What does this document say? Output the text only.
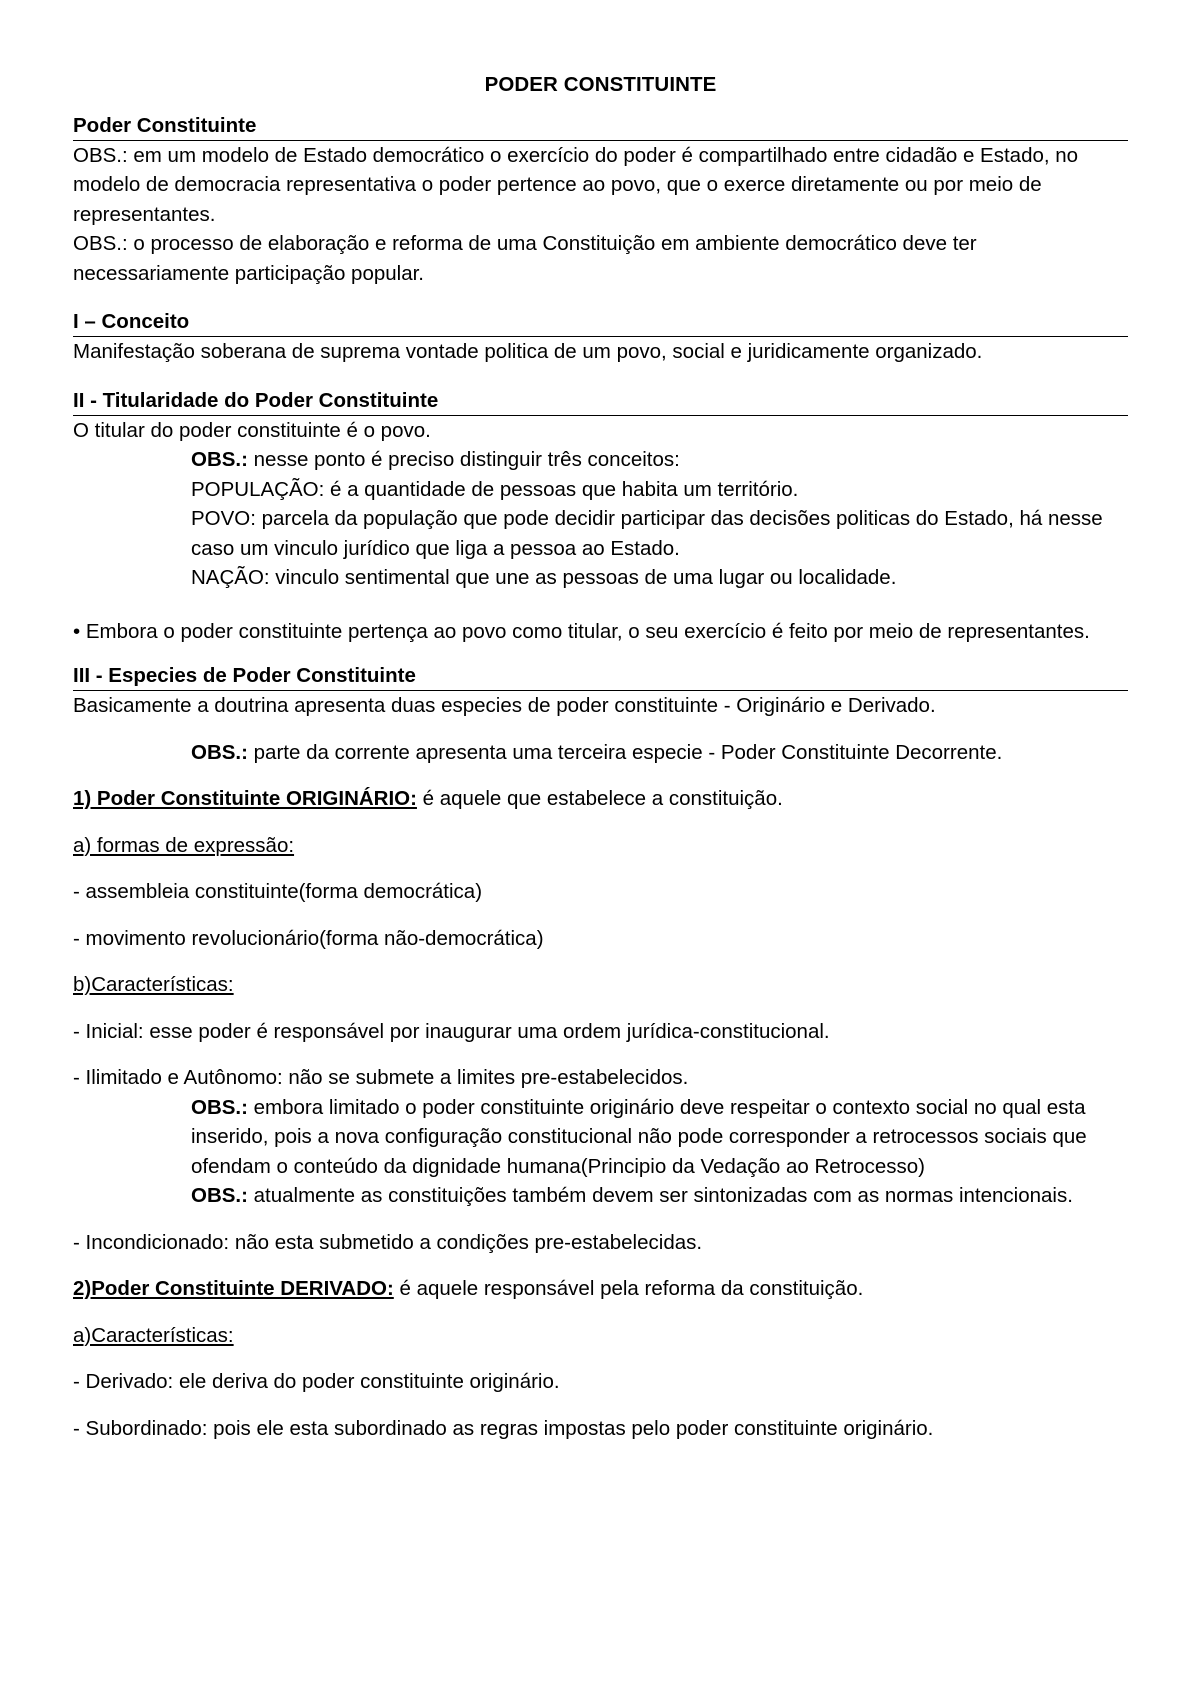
PODER CONSTITUINTE
Poder Constituinte

OBS.: em um modelo de Estado democrático o exercício do poder é compartilhado entre cidadão e Estado, no modelo de democracia representativa o poder pertence ao povo, que o exerce diretamente ou por meio de representantes.

OBS.: o processo de elaboração e reforma de uma Constituição em ambiente democrático deve ter necessariamente participação popular.

I – Conceito

Manifestação soberana de suprema vontade politica de um povo, social e juridicamente organizado.

II - Titularidade do Poder Constituinte

O titular do poder constituinte é o povo.

OBS.: nesse ponto é preciso distinguir três conceitos:

POPULAÇÃO: é a quantidade de pessoas que habita um território.

POVO: parcela da população que pode decidir participar das decisões politicas do Estado, há nesse caso um vinculo jurídico que liga a pessoa ao Estado.

NAÇÃO: vinculo sentimental que une as pessoas de uma lugar ou localidade.

• Embora o poder constituinte pertença ao povo como titular, o seu exercício é feito por meio de representantes.

III - Especies de Poder Constituinte

Basicamente a doutrina apresenta duas especies de poder constituinte - Originário e Derivado.

OBS.: parte da corrente apresenta uma terceira especie - Poder Constituinte Decorrente.

1) Poder Constituinte ORIGINÁRIO: é aquele que estabelece a constituição.

a) formas de expressão:

- assembleia constituinte(forma democrática)

- movimento revolucionário(forma não-democrática)

b)Características:

- Inicial: esse poder é responsável por inaugurar uma ordem jurídica-constitucional.

- Ilimitado e Autônomo: não se submete a limites pre-estabelecidos.

OBS.: embora limitado o poder constituinte originário deve respeitar o contexto social no qual esta inserido, pois a nova configuração constitucional não pode corresponder a retrocessos sociais que ofendam o conteúdo da dignidade humana(Principio da Vedação ao Retrocesso)

OBS.: atualmente as constituições também devem ser sintonizadas com as normas intencionais.

- Incondicionado: não esta submetido a condições pre-estabelecidas.

2)Poder Constituinte DERIVADO: é aquele responsável pela reforma da constituição.

a)Características:

- Derivado: ele deriva do poder constituinte originário.

- Subordinado: pois ele esta subordinado as regras impostas pelo poder constituinte originário.
